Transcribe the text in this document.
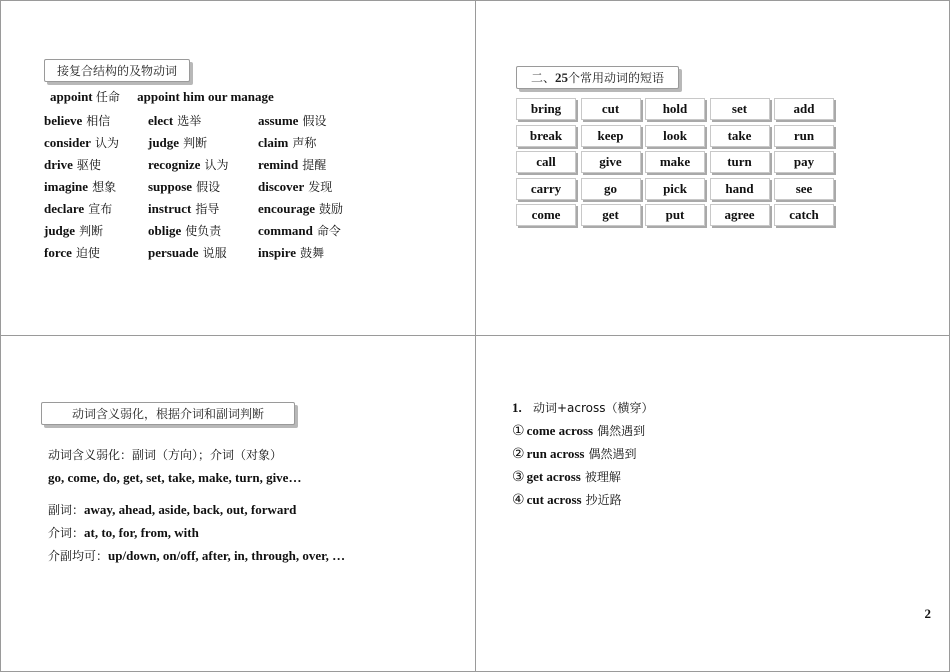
接复合结构的及物动词
appoint 任命 appoint him our manage
believe 相信	elect 选举	assume 假设
consider 认为 judge 判断	claim 声称
drive 驱使	recognize 认为 remind 提醒
imagine 想象 suppose 假设	discover 发现
declare 宣布	instruct 指导	encourage 鼓励
judge 判断	oblige 使负责	command 命令
force 迫使	persuade 说服 inspire 鼓舞
二、25个常用动词的短语
bring	cut	hold	set	add
break	keep	look	take	run
call	give	make	turn	pay
carry	go	pick	hand	see
come	get	put	agree	catch
动词含义弱化，根据介词和副词判断
动词含义弱化：副词（方向）；介词（对象）
go, come, do, get, set, take, make, turn, give…
副词：away, ahead, aside, back, out, forward
介词：at, to, for, from, with
介副均可：up/down, on/off, after, in, through, over, …
1. 动词+across（横穿）
① come across 偶然遇到
② run across 偶然遇到
③ get across 被理解
④ cut across 抄近路
2
